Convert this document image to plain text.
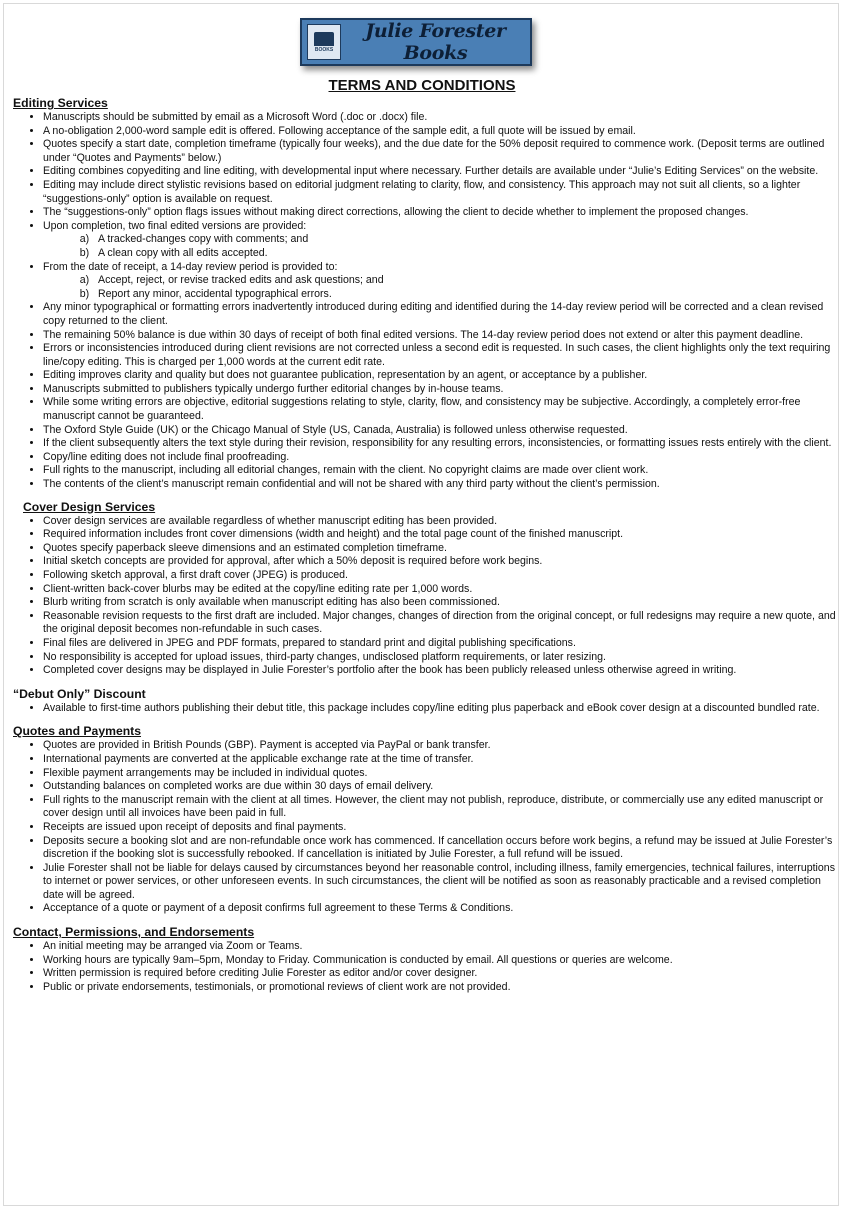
BOOKS
Julie Forester Books
TERMS AND CONDITIONS
Editing Services
• Manuscripts should be submitted by email as a Microsoft Word (.doc or .docx) file.
• A no-obligation 2,000-word sample edit is offered. Following acceptance of the sample edit, a full quote will be issued by email.
• Quotes specify a start date, completion timeframe (typically four weeks), and the due date for the 50% deposit required to commence work. (Deposit terms are outlined under “Quotes and Payments” below.)
• Editing combines copyediting and line editing, with developmental input where necessary. Further details are available under “Julie’s Editing Services” on the website.
• Editing may include direct stylistic revisions based on editorial judgment relating to clarity, flow, and consistency. This approach may not suit all clients, so a lighter “suggestions-only” option is available on request.
• The “suggestions-only” option flags issues without making direct corrections, allowing the client to decide whether to implement the proposed changes.
• Upon completion, two final edited versions are provided:
a. A tracked-changes copy with comments; and
b. A clean copy with all edits accepted.
• From the date of receipt, a 14-day review period is provided to:
a. Accept, reject, or revise tracked edits and ask questions; and
b. Report any minor, accidental typographical errors.
• Any minor typographical or formatting errors inadvertently introduced during editing and identified during the 14-day review period will be corrected and a clean revised copy returned to the client.
• The remaining 50% balance is due within 30 days of receipt of both final edited versions. The 14-day review period does not extend or alter this payment deadline.
• Errors or inconsistencies introduced during client revisions are not corrected unless a second edit is requested. In such cases, the client highlights only the text requiring line/copy editing. This is charged per 1,000 words at the current edit rate.
• Editing improves clarity and quality but does not guarantee publication, representation by an agent, or acceptance by a publisher.
• Manuscripts submitted to publishers typically undergo further editorial changes by in-house teams.
• While some writing errors are objective, editorial suggestions relating to style, clarity, flow, and consistency may be subjective. Accordingly, a completely error-free manuscript cannot be guaranteed.
• The Oxford Style Guide (UK) or the Chicago Manual of Style (US, Canada, Australia) is followed unless otherwise requested.
• If the client subsequently alters the text style during their revision, responsibility for any resulting errors, inconsistencies, or formatting issues rests entirely with the client.
• Copy/line editing does not include final proofreading.
• Full rights to the manuscript, including all editorial changes, remain with the client. No copyright claims are made over client work.
• The contents of the client’s manuscript remain confidential and will not be shared with any third party without the client’s permission.
Cover Design Services
• Cover design services are available regardless of whether manuscript editing has been provided.
• Required information includes front cover dimensions (width and height) and the total page count of the finished manuscript.
• Quotes specify paperback sleeve dimensions and an estimated completion timeframe.
• Initial sketch concepts are provided for approval, after which a 50% deposit is required before work begins.
• Following sketch approval, a first draft cover (JPEG) is produced.
• Client-written back-cover blurbs may be edited at the copy/line editing rate per 1,000 words.
• Blurb writing from scratch is only available when manuscript editing has also been commissioned.
• Reasonable revision requests to the first draft are included. Major changes, changes of direction from the original concept, or full redesigns may require a new quote, and the original deposit becomes non-refundable in such cases.
• Final files are delivered in JPEG and PDF formats, prepared to standard print and digital publishing specifications.
• No responsibility is accepted for upload issues, third-party changes, undisclosed platform requirements, or later resizing.
• Completed cover designs may be displayed in Julie Forester’s portfolio after the book has been publicly released unless otherwise agreed in writing.
“Debut Only” Discount
• Available to first-time authors publishing their debut title, this package includes copy/line editing plus paperback and eBook cover design at a discounted bundled rate.
Quotes and Payments
• Quotes are provided in British Pounds (GBP). Payment is accepted via PayPal or bank transfer.
• International payments are converted at the applicable exchange rate at the time of transfer.
• Flexible payment arrangements may be included in individual quotes.
• Outstanding balances on completed works are due within 30 days of email delivery.
• Full rights to the manuscript remain with the client at all times. However, the client may not publish, reproduce, distribute, or commercially use any edited manuscript or cover design until all invoices have been paid in full.
• Receipts are issued upon receipt of deposits and final payments.
• Deposits secure a booking slot and are non-refundable once work has commenced. If cancellation occurs before work begins, a refund may be issued at Julie Forester’s discretion if the booking slot is successfully rebooked. If cancellation is initiated by Julie Forester, a full refund will be issued.
• Julie Forester shall not be liable for delays caused by circumstances beyond her reasonable control, including illness, family emergencies, technical failures, interruptions to internet or power services, or other unforeseen events. In such circumstances, the client will be notified as soon as reasonably practicable and a revised completion date will be agreed.
• Acceptance of a quote or payment of a deposit confirms full agreement to these Terms & Conditions.
Contact, Permissions, and Endorsements
• An initial meeting may be arranged via Zoom or Teams.
• Working hours are typically 9am–5pm, Monday to Friday. Communication is conducted by email. All questions or queries are welcome.
• Written permission is required before crediting Julie Forester as editor and/or cover designer.
• Public or private endorsements, testimonials, or promotional reviews of client work are not provided.
